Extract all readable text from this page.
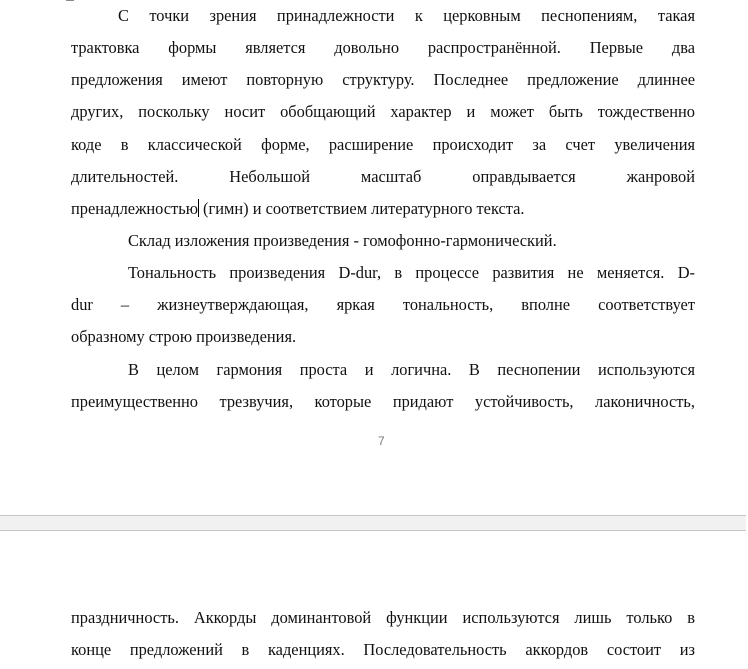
С точки зрения принадлежности к церковным песнопениям, такая
трактовка формы является довольно распространённой. Первые два
предложения имеют повторную структуру. Последнее предложение длиннее
других, поскольку носит обобщающий характер и может быть тождественно
коде в классической форме, расширение происходит за счет увеличения
длительностей. Небольшой масштаб оправдывается жанровой
пренадлежностью (гимн) и соответствием литературного текста.
Склад изложения произведения - гомофонно-гармонический.
Тональность произведения D-dur, в процессе развития не меняется. D-
dur – жизнеутверждающая, яркая тональность, вполне соответствует
образному строю произведения.
В целом гармония проста и логична. В песнопении используются
преимущественно трезвучия, которые придают устойчивость, лаконичность,
7
праздничность. Аккорды доминантовой функции используются лишь только в
конце предложений в каденциях. Последовательность аккордов состоит из
